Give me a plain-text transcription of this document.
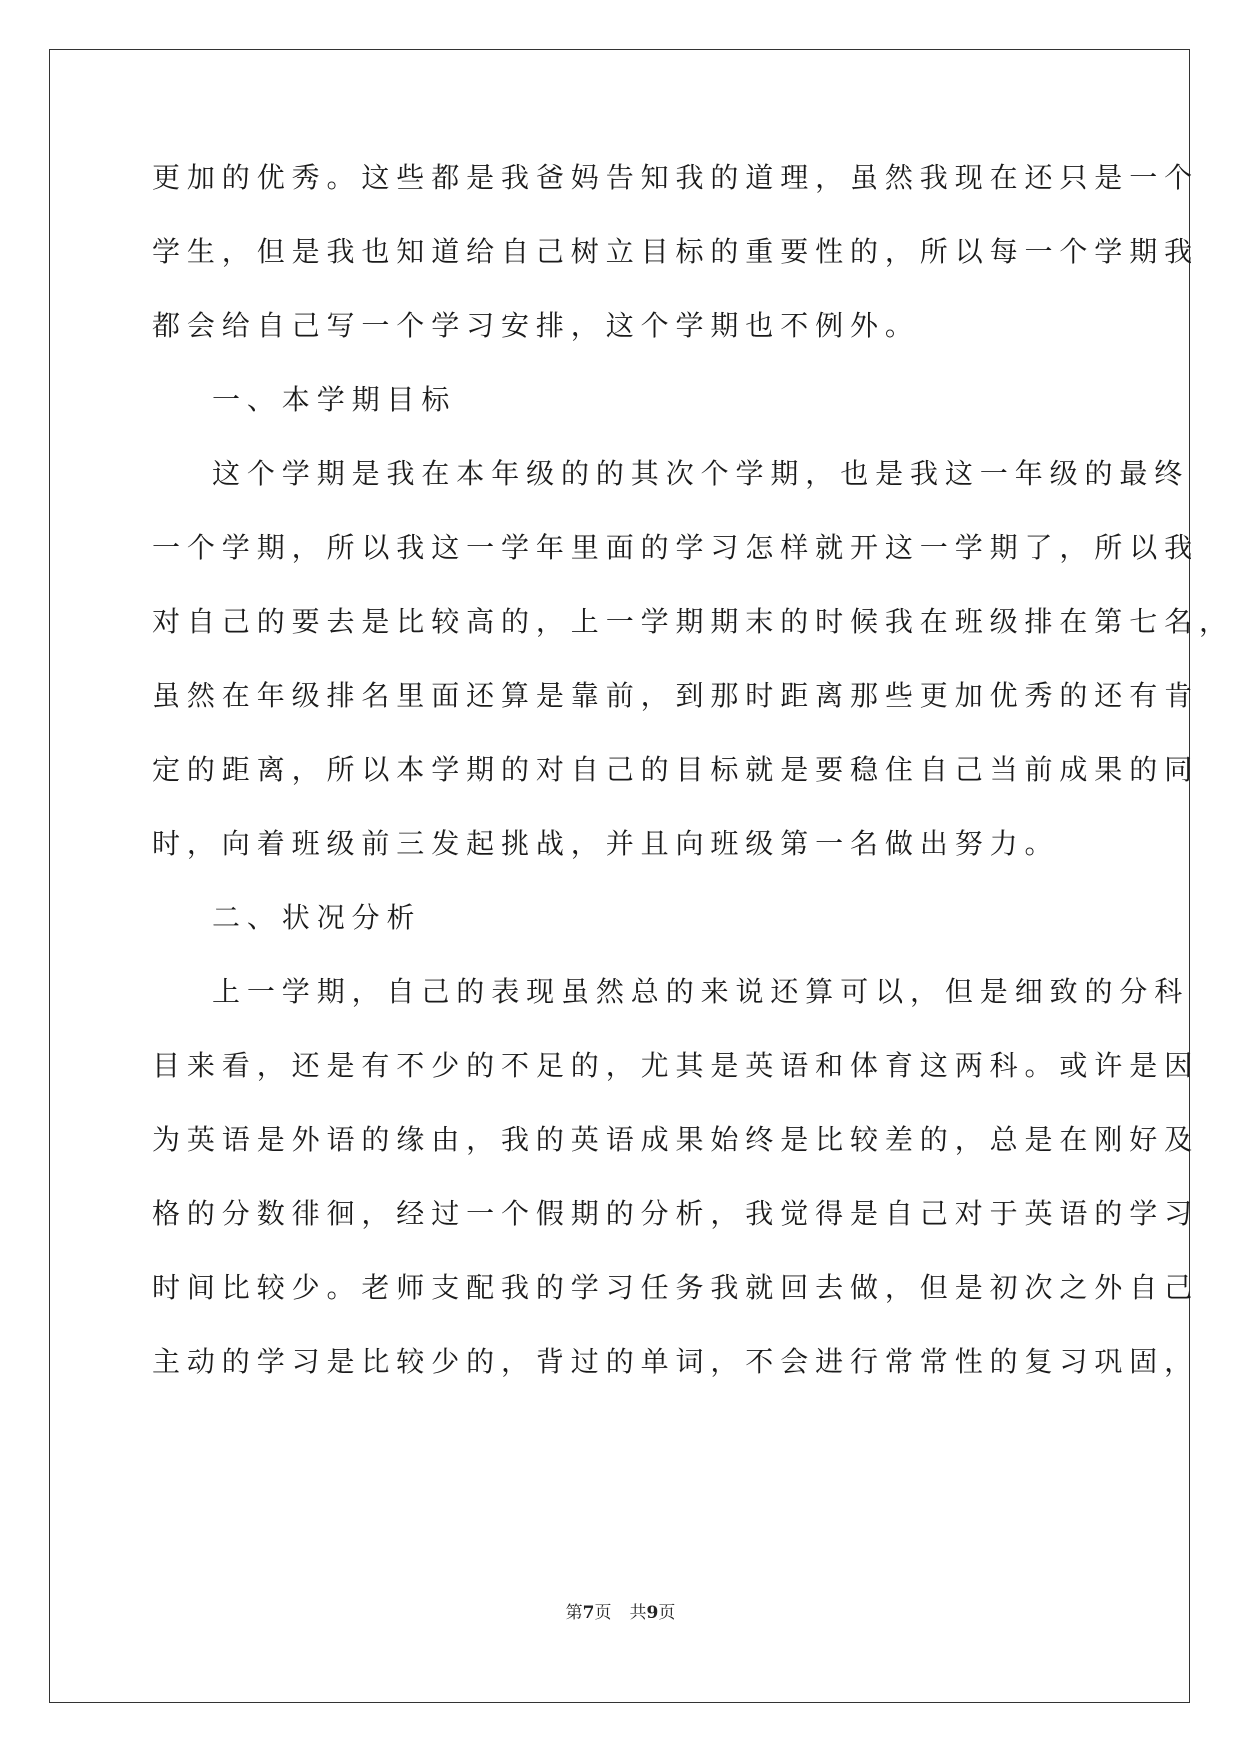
更加的优秀。这些都是我爸妈告知我的道理，虽然我现在还只是一个
学生，但是我也知道给自己树立目标的重要性的，所以每一个学期我
都会给自己写一个学习安排，这个学期也不例外。
一、本学期目标
这个学期是我在本年级的的其次个学期，也是我这一年级的最终
一个学期，所以我这一学年里面的学习怎样就开这一学期了，所以我
对自己的要去是比较高的，上一学期期末的时候我在班级排在第七名，
虽然在年级排名里面还算是靠前，到那时距离那些更加优秀的还有肯
定的距离，所以本学期的对自己的目标就是要稳住自己当前成果的同
时，向着班级前三发起挑战，并且向班级第一名做出努力。
二、状况分析
上一学期，自己的表现虽然总的来说还算可以，但是细致的分科
目来看，还是有不少的不足的，尤其是英语和体育这两科。或许是因
为英语是外语的缘由，我的英语成果始终是比较差的，总是在刚好及
格的分数徘徊，经过一个假期的分析，我觉得是自己对于英语的学习
时间比较少。老师支配我的学习任务我就回去做，但是初次之外自己
主动的学习是比较少的，背过的单词，不会进行常常性的复习巩固，
第7页 共9页
